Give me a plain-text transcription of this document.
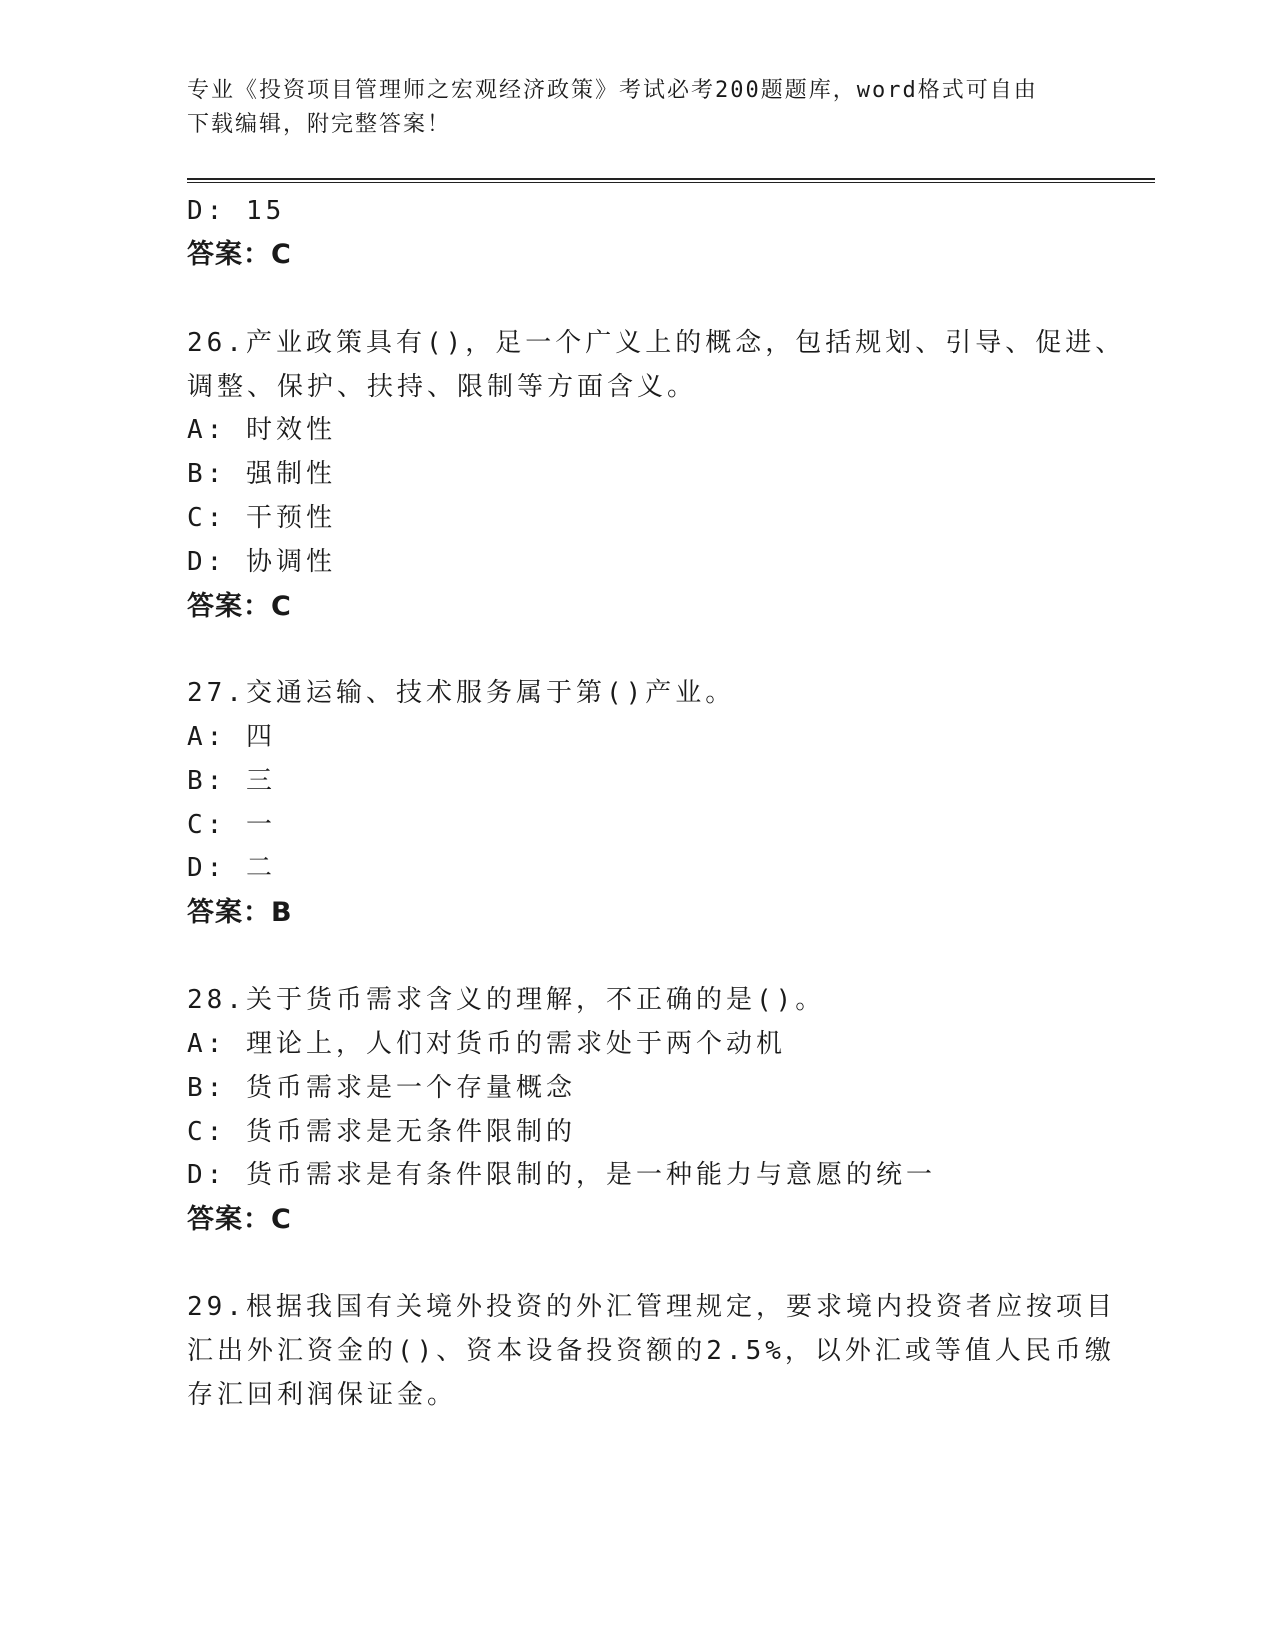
专业《投资项目管理师之宏观经济政策》考试必考200题题库，word格式可自由
下载编辑，附完整答案！
D: 15
答案：C
26.产业政策具有()，足一个广义上的概念，包括规划、引导、促进、
调整、保护、扶持、限制等方面含义。
A: 时效性
B: 强制性
C: 干预性
D: 协调性
答案：C
27.交通运输、技术服务属于第()产业。
A: 四
B: 三
C: 一
D: 二
答案：B
28.关于货币需求含义的理解，不正确的是()。
A: 理论上，人们对货币的需求处于两个动机
B: 货币需求是一个存量概念
C: 货币需求是无条件限制的
D: 货币需求是有条件限制的，是一种能力与意愿的统一
答案：C
29.根据我国有关境外投资的外汇管理规定，要求境内投资者应按项目
汇出外汇资金的()、资本设备投资额的2.5%，以外汇或等值人民币缴
存汇回利润保证金。
